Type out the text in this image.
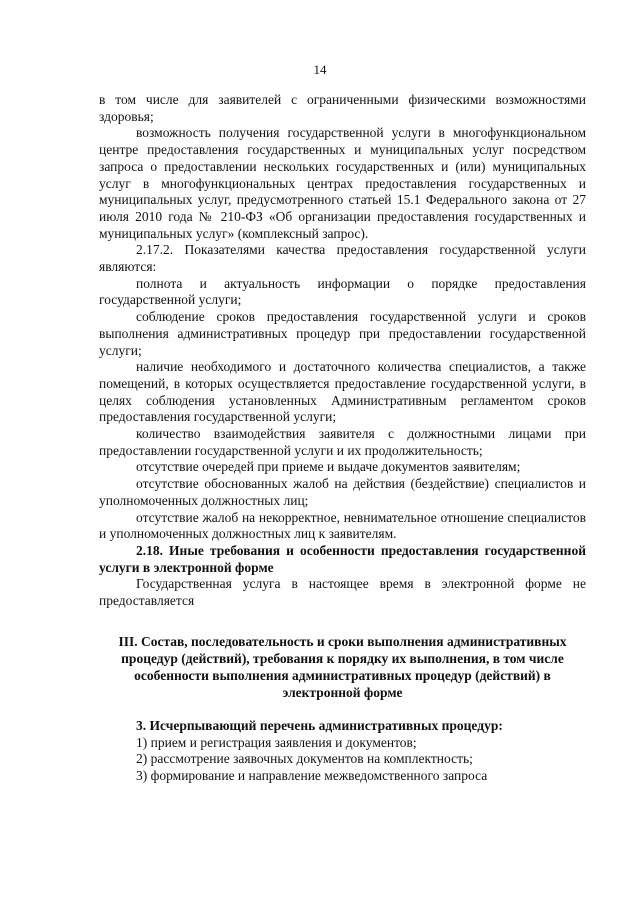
14

в том числе для заявителей с ограниченными физическими возможностями здоровья;

возможность получения государственной услуги в многофункциональном центре предоставления государственных и муниципальных услуг посредством запроса о предоставлении нескольких государственных и (или) муниципальных услуг в многофункциональных центрах предоставления государственных и муниципальных услуг, предусмотренного статьей 15.1 Федерального закона от 27 июля 2010 года № 210-ФЗ «Об организации предоставления государственных и муниципальных услуг» (комплексный запрос).

2.17.2. Показателями качества предоставления государственной услуги являются:

полнота и актуальность информации о порядке предоставления государственной услуги;

соблюдение сроков предоставления государственной услуги и сроков выполнения административных процедур при предоставлении государственной услуги;

наличие необходимого и достаточного количества специалистов, а также помещений, в которых осуществляется предоставление государственной услуги, в целях соблюдения установленных Административным регламентом сроков предоставления государственной услуги;

количество взаимодействия заявителя с должностными лицами при предоставлении государственной услуги и их продолжительность;

отсутствие очередей при приеме и выдаче документов заявителям;

отсутствие обоснованных жалоб на действия (бездействие) специалистов и уполномоченных должностных лиц;

отсутствие жалоб на некорректное, невнимательное отношение специалистов и уполномоченных должностных лиц к заявителям.

2.18. Иные требования и особенности предоставления государственной услуги в электронной форме

Государственная услуга в настоящее время в электронной форме не предоставляется

III. Состав, последовательность и сроки выполнения административных процедур (действий), требования к порядку их выполнения, в том числе особенности выполнения административных процедур (действий) в электронной форме

3. Исчерпывающий перечень административных процедур:

1) прием и регистрация заявления и документов;

2) рассмотрение заявочных документов на комплектность;

3) формирование и направление межведомственного запроса
